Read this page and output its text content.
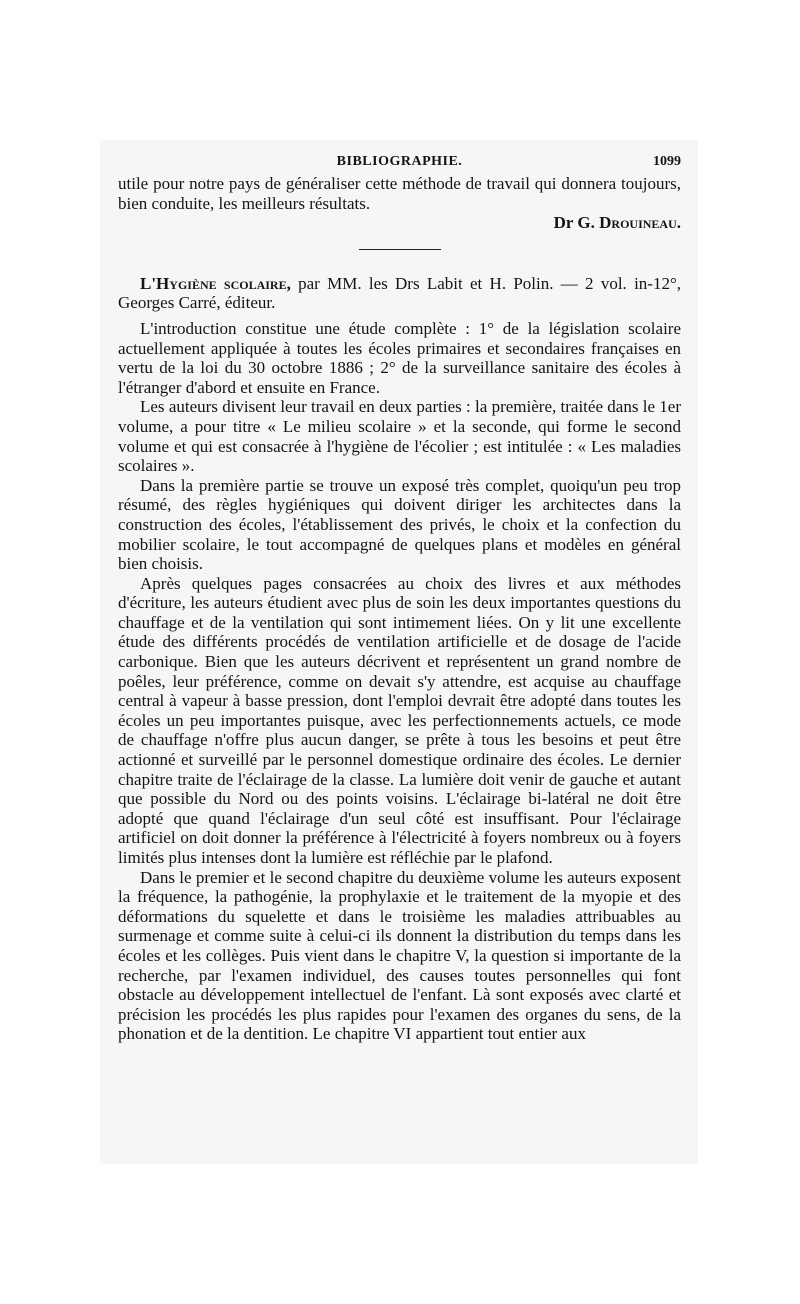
BIBLIOGRAPHIE.	1099

utile pour notre pays de généraliser cette méthode de travail qui donnera toujours, bien conduite, les meilleurs résultats.

Dr G. Drouineau.

L'Hygiène scolaire, par MM. les Drs Labit et H. Polin. — 2 vol. in-12°, Georges Carré, éditeur.

L'introduction constitue une étude complète : 1° de la législation scolaire actuellement appliquée à toutes les écoles primaires et secondaires françaises en vertu de la loi du 30 octobre 1886 ; 2° de la surveillance sanitaire des écoles à l'étranger d'abord et ensuite en France.

Les auteurs divisent leur travail en deux parties : la première, traitée dans le 1er volume, a pour titre « Le milieu scolaire » et la seconde, qui forme le second volume et qui est consacrée à l'hygiène de l'écolier ; est intitulée : « Les maladies scolaires ».

Dans la première partie se trouve un exposé très complet, quoiqu'un peu trop résumé, des règles hygiéniques qui doivent diriger les architectes dans la construction des écoles, l'établissement des privés, le choix et la confection du mobilier scolaire, le tout accompagné de quelques plans et modèles en général bien choisis.

Après quelques pages consacrées au choix des livres et aux méthodes d'écriture, les auteurs étudient avec plus de soin les deux importantes questions du chauffage et de la ventilation qui sont intimement liées. On y lit une excellente étude des différents procédés de ventilation artificielle et de dosage de l'acide carbonique. Bien que les auteurs décrivent et représentent un grand nombre de poêles, leur préférence, comme on devait s'y attendre, est acquise au chauffage central à vapeur à basse pression, dont l'emploi devrait être adopté dans toutes les écoles un peu importantes puisque, avec les perfectionnements actuels, ce mode de chauffage n'offre plus aucun danger, se prête à tous les besoins et peut être actionné et surveillé par le personnel domestique ordinaire des écoles. Le dernier chapitre traite de l'éclairage de la classe. La lumière doit venir de gauche et autant que possible du Nord ou des points voisins. L'éclairage bi-latéral ne doit être adopté que quand l'éclairage d'un seul côté est insuffisant. Pour l'éclairage artificiel on doit donner la préférence à l'électricité à foyers nombreux ou à foyers limités plus intenses dont la lumière est réfléchie par le plafond.

Dans le premier et le second chapitre du deuxième volume les auteurs exposent la fréquence, la pathogénie, la prophylaxie et le traitement de la myopie et des déformations du squelette et dans le troisième les maladies attribuables au surmenage et comme suite à celui-ci ils donnent la distribution du temps dans les écoles et les collèges. Puis vient dans le chapitre V, la question si importante de la recherche, par l'examen individuel, des causes toutes personnelles qui font obstacle au développement intellectuel de l'enfant. Là sont exposés avec clarté et précision les procédés les plus rapides pour l'examen des organes du sens, de la phonation et de la dentition. Le chapitre VI appartient tout entier aux
